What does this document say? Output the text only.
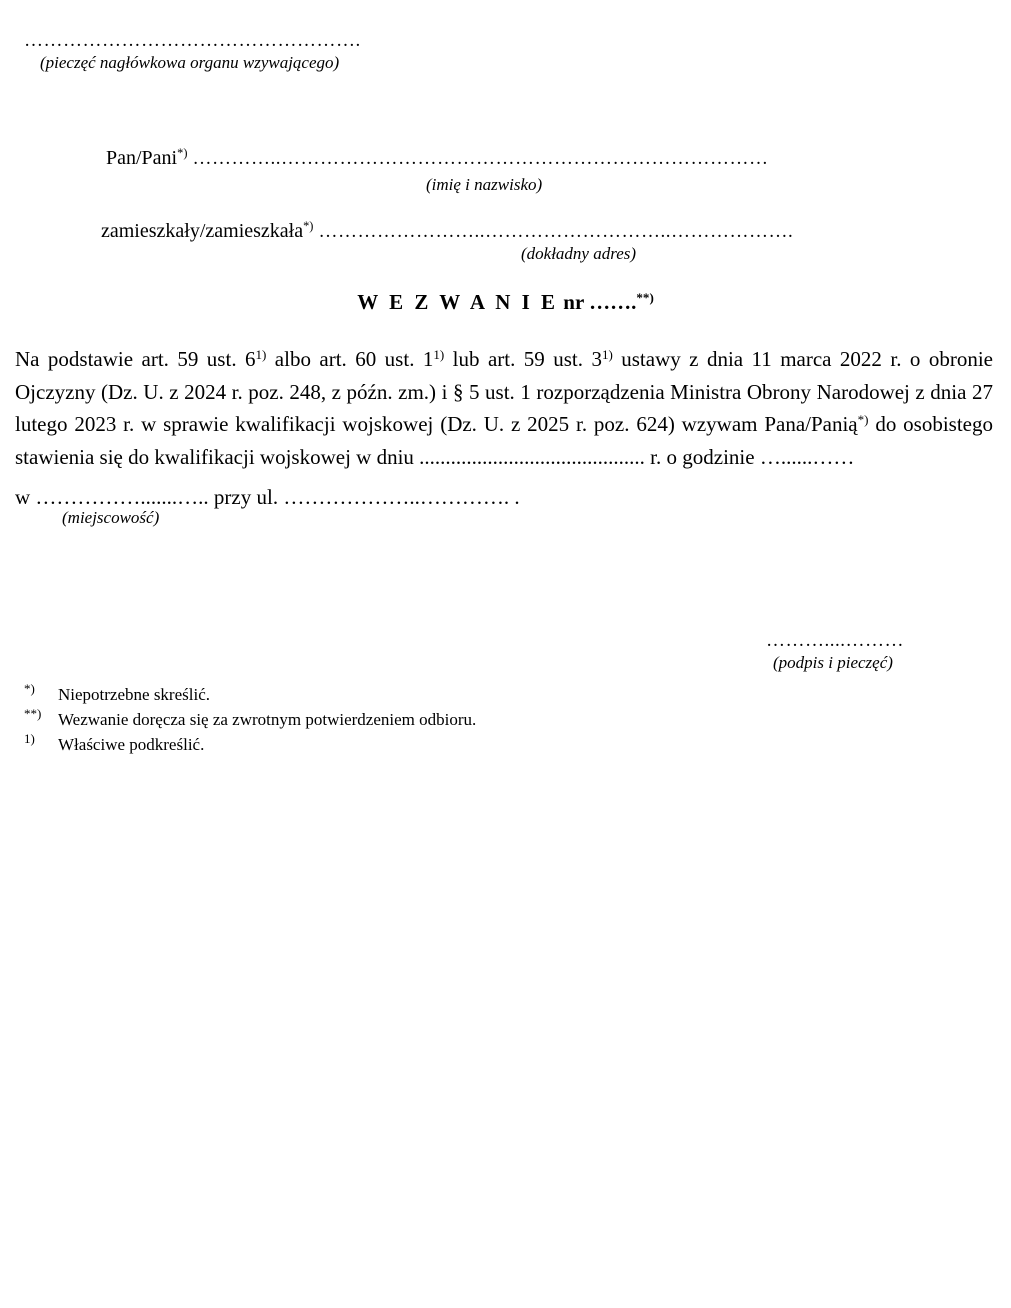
…………………………………………….
(pieczęć nagłówkowa organu wzywającego)
Pan/Pani*) …………..…………………………………………………………………
(imię i nazwisko)
zamieszkały/zamieszkała*) ……………………..………………………..……………….
(dokładny adres)
W E Z W A N I E nr …….**)
Na podstawie art. 59 ust. 6$^{1)}$ albo art. 60 ust. 1$^{1)}$ lub art. 59 ust. 3$^{1)}$ ustawy z dnia 11 marca 2022 r. o obronie Ojczyzny (Dz. U. z 2024 r. poz. 248, z późn. zm.) i § 5 ust. 1 rozporządzenia Ministra Obrony Narodowej z dnia 27 lutego 2023 r. w sprawie kwalifikacji wojskowej (Dz. U. z 2025 r. poz. 624) wzywam Pana/Panią*) do osobistego stawienia się do kwalifikacji wojskowej w dniu ........................................... r. o godzinie …......……
w …………….......….. przy ul. ………………..…………. .
(miejscowość)
………....………
(podpis i pieczęć)
*) Niepotrzebne skreślić.
**) Wezwanie doręcza się za zwrotnym potwierdzeniem odbioru.
1) Właściwe podkreślić.
